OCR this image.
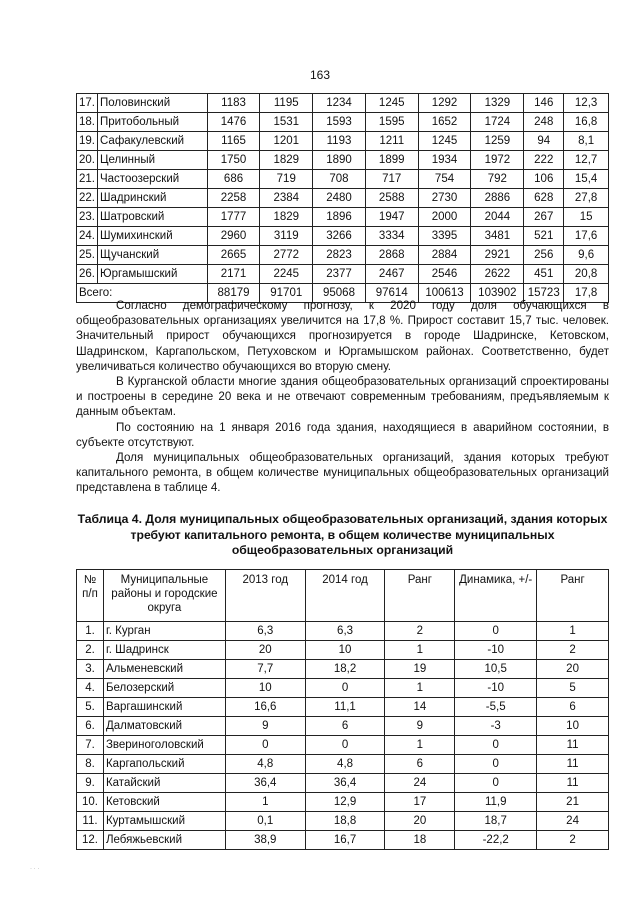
163
17.	Половинский	1183	1195	1234	1245	1292	1329	146	12,3
18.	Притобольный	1476	1531	1593	1595	1652	1724	248	16,8
19.	Сафакулевский	1165	1201	1193	1211	1245	1259	94	8,1
20.	Целинный	1750	1829	1890	1899	1934	1972	222	12,7
21.	Частоозерский	686	719	708	717	754	792	106	15,4
22.	Шадринский	2258	2384	2480	2588	2730	2886	628	27,8
23.	Шатровский	1777	1829	1896	1947	2000	2044	267	15
24.	Шумихинский	2960	3119	3266	3334	3395	3481	521	17,6
25.	Щучанский	2665	2772	2823	2868	2884	2921	256	9,6
26.	Юргамышский	2171	2245	2377	2467	2546	2622	451	20,8
Всего:		88179	91701	95068	97614	100613	103902	15723	17,8

Согласно демографическому прогнозу, к 2020 году доля обучающихся в общеобразовательных организациях увеличится на 17,8 %. Прирост составит 15,7 тыс. человек. Значительный прирост обучающихся прогнозируется в городе Шадринске, Кетовском, Шадринском, Каргапольском, Петуховском и Юргамышском районах. Соответственно, будет увеличиваться количество обучающихся во вторую смену.

В Курганской области многие здания общеобразовательных организаций спроектированы и построены в середине 20 века и не отвечают современным требованиям, предъявляемым к данным объектам.

По состоянию на 1 января 2016 года здания, находящиеся в аварийном состоянии, в субъекте отсутствуют.

Доля муниципальных общеобразовательных организаций, здания которых требуют капитального ремонта, в общем количестве муниципальных общеобразовательных организаций представлена в таблице 4.

Таблица 4. Доля муниципальных общеобразовательных организаций, здания которых требуют капитального ремонта, в общем количестве муниципальных общеобразовательных организаций
№ п/п	Муниципальные районы и городские округа	2013 год	2014 год	Ранг	Динамика, +/-	Ранг
1.	г. Курган	6,3	6,3	2	0	1
2.	г. Шадринск	20	10	1	-10	2
3.	Альменевский	7,7	18,2	19	10,5	20
4.	Белозерский	10	0	1	-10	5
5.	Варгашинский	16,6	11,1	14	-5,5	6
6.	Далматовский	9	6	9	-3	10
7.	Звериноголовский	0	0	1	0	11
8.	Каргапольский	4,8	4,8	6	0	11
9.	Катайский	36,4	36,4	24	0	11
10.	Кетовский	1	12,9	17	11,9	21
11.	Куртамышский	0,1	18,8	20	18,7	24
12.	Лебяжьевский	38,9	16,7	18	-22,2	2
· · ·
